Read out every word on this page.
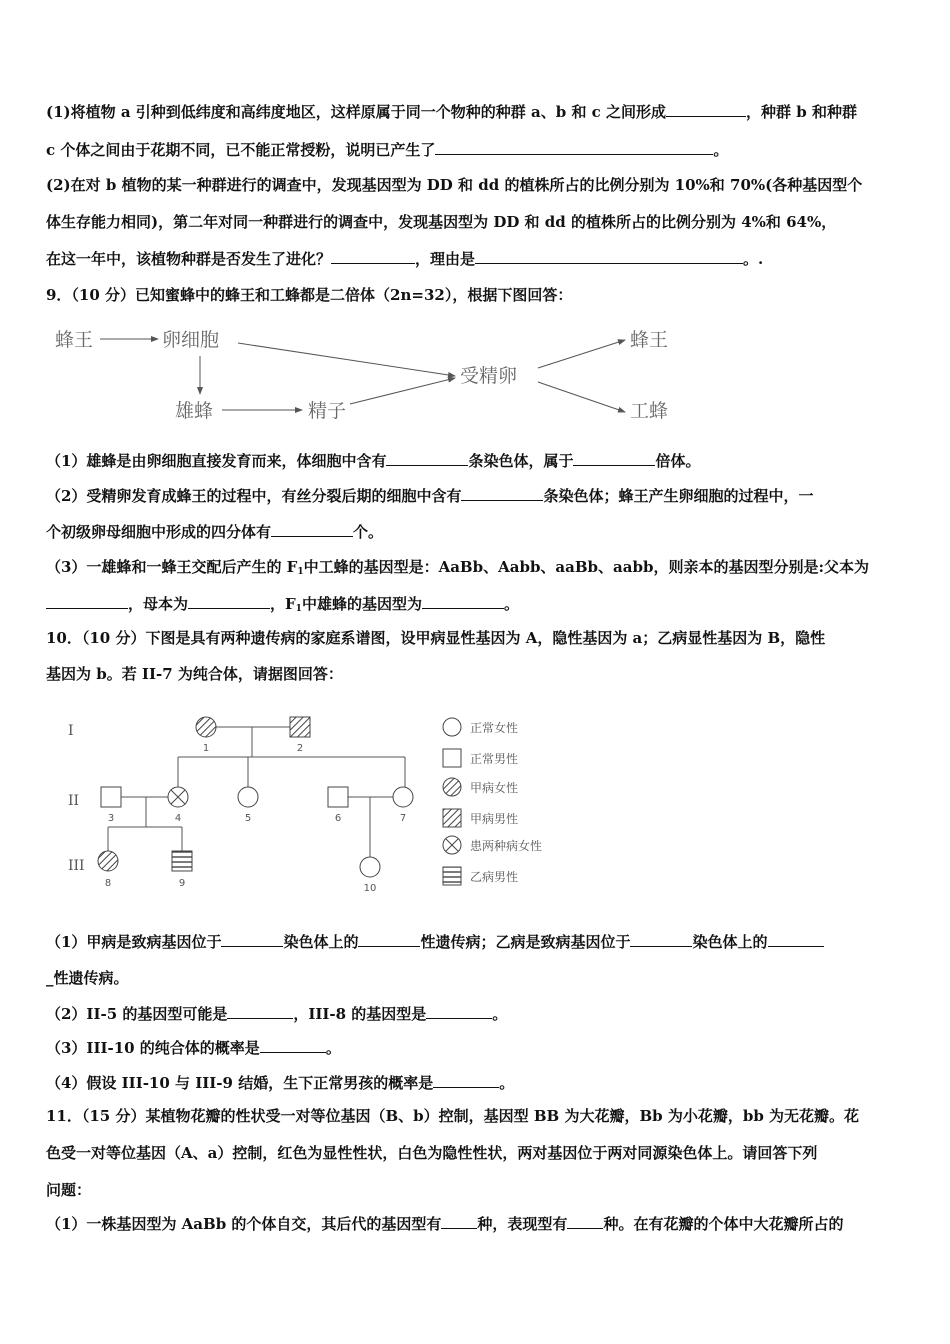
(1)将植物 a 引种到低纬度和高纬度地区，这样原属于同一个物种的种群 a、b 和 c 之间形成	，种群 b 和种群
c 个体之间由于花期不同，已不能正常授粉，说明已产生了	。
(2)在对 b 植物的某一种群进行的调查中，发现基因型为 DD 和 dd 的植株所占的比例分别为 10%和 70%(各种基因型个
体生存能力相同)，第二年对同一种群进行的调查中，发现基因型为 DD 和 dd 的植株所占的比例分别为 4%和 64%，
在这一年中，该植物种群是否发生了进化？	，理由是	。.
9．（10 分）已知蜜蜂中的蜂王和工蜂都是二倍体（2n=32），根据下图回答：
蜂王	卵细胞
雄蜂	精子
受精卵
蜂王
工蜂
（1）雄蜂是由卵细胞直接发育而来，体细胞中含有	条染色体，属于	倍体。
（2）受精卵发育成蜂王的过程中，有丝分裂后期的细胞中含有	条染色体；蜂王产生卵细胞的过程中，一
个初级卵母细胞中形成的四分体有	个。
（3）一雄蜂和一蜂王交配后产生的 $F_1$中工蜂的基因型是：AaBb、Aabb、aaBb、aabb，则亲本的基因型分别是:父本为
，母本为	，$F_1$中雄蜂的基因型为	。
10．（10 分）下图是具有两种遗传病的家庭系谱图，设甲病显性基因为 A，隐性基因为 a；乙病显性基因为 B，隐性
基因为 b。若 II-7 为纯合体，请据图回答：
I
II
III
1	2
3	4	5	6	7
8	9	10
正常女性
正常男性
甲病女性
甲病男性
患两种病女性
乙病男性
（1）甲病是致病基因位于	染色体上的	性遗传病；乙病是致病基因位于	染色体上的
_性遗传病。
（2）II-5 的基因型可能是	，III-8 的基因型是	。
（3）III-10 的纯合体的概率是	。
（4）假设 III-10 与 III-9 结婚，生下正常男孩的概率是	。
11．（15 分）某植物花瓣的性状受一对等位基因（B、b）控制，基因型 BB 为大花瓣，Bb 为小花瓣，bb 为无花瓣。花
色受一对等位基因（A、a）控制，红色为显性性状，白色为隐性性状，两对基因位于两对同源染色体上。请回答下列
问题：
（1）一株基因型为 AaBb 的个体自交，其后代的基因型有 种，表现型有 种。在有花瓣的个体中大花瓣所占的
